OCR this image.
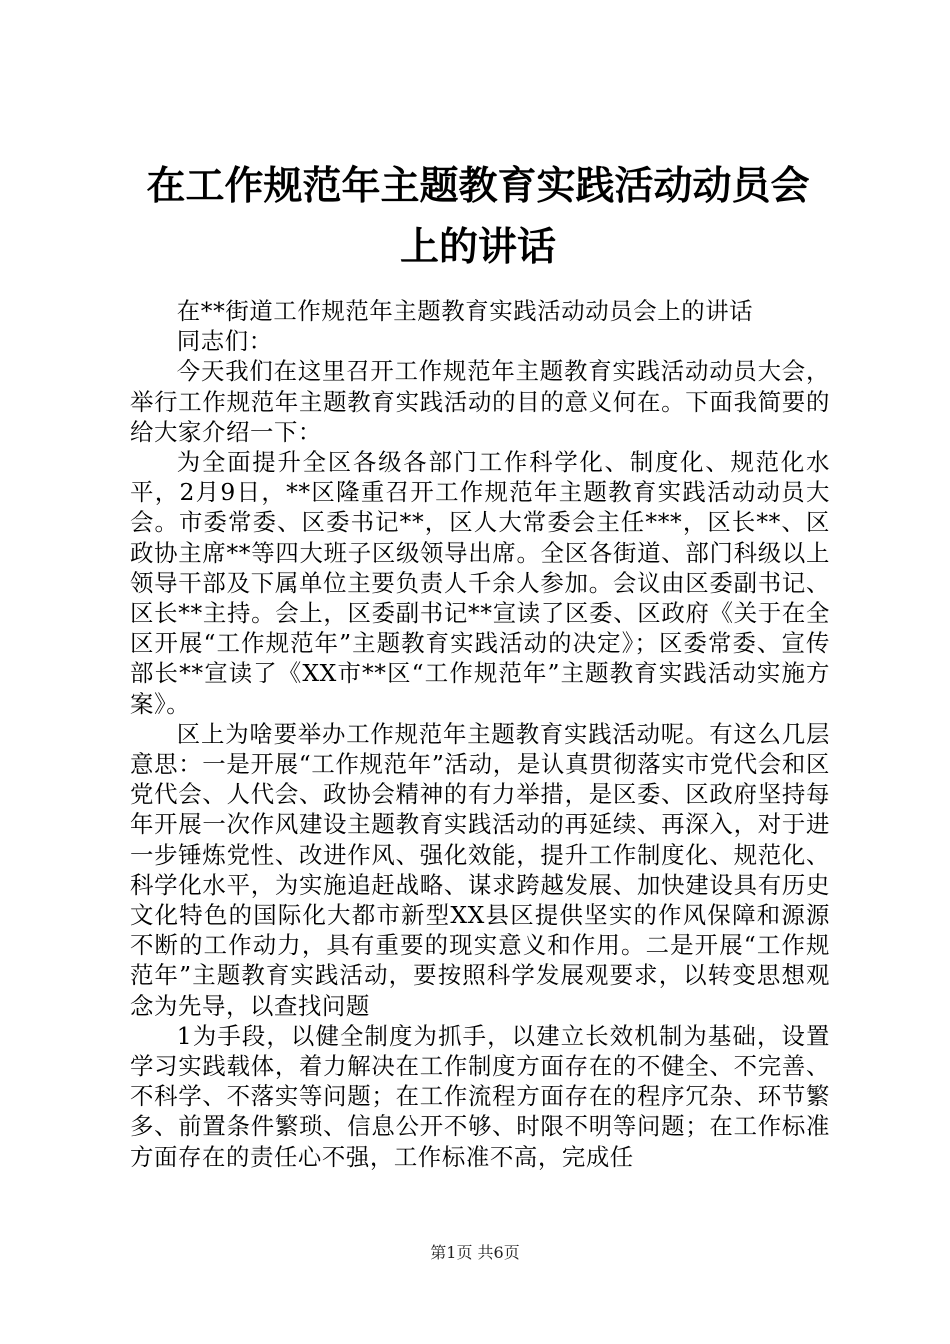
在工作规范年主题教育实践活动动员会上的讲话

在**街道工作规范年主题教育实践活动动员会上的讲话

同志们：

今天我们在这里召开工作规范年主题教育实践活动动员大会，举行工作规范年主题教育实践活动的目的意义何在。下面我简要的给大家介绍一下：

为全面提升全区各级各部门工作科学化、制度化、规范化水平，2月9日，**区隆重召开工作规范年主题教育实践活动动员大会。市委常委、区委书记**，区人大常委会主任***，区长**、区政协主席**等四大班子区级领导出席。全区各街道、部门科级以上领导干部及下属单位主要负责人千余人参加。会议由区委副书记、区长**主持。会上，区委副书记**宣读了区委、区政府《关于在全区开展“工作规范年”主题教育实践活动的决定》；区委常委、宣传部长**宣读了《XX市**区“工作规范年”主题教育实践活动实施方案》。

区上为啥要举办工作规范年主题教育实践活动呢。有这么几层意思：一是开展“工作规范年”活动，是认真贯彻落实市党代会和区党代会、人代会、政协会精神的有力举措，是区委、区政府坚持每年开展一次作风建设主题教育实践活动的再延续、再深入，对于进一步锤炼党性、改进作风、强化效能，提升工作制度化、规范化、科学化水平，为实施追赶战略、谋求跨越发展、加快建设具有历史文化特色的国际化大都市新型XX县区提供坚实的作风保障和源源不断的工作动力，具有重要的现实意义和作用。二是开展“工作规范年”主题教育实践活动，要按照科学发展观要求，以转变思想观念为先导，以查找问题

1为手段，以健全制度为抓手，以建立长效机制为基础，设置学习实践载体，着力解决在工作制度方面存在的不健全、不完善、不科学、不落实等问题；在工作流程方面存在的程序冗杂、环节繁多、前置条件繁琐、信息公开不够、时限不明等问题；在工作标准方面存在的责任心不强，工作标准不高，完成任

第1页 共6页
